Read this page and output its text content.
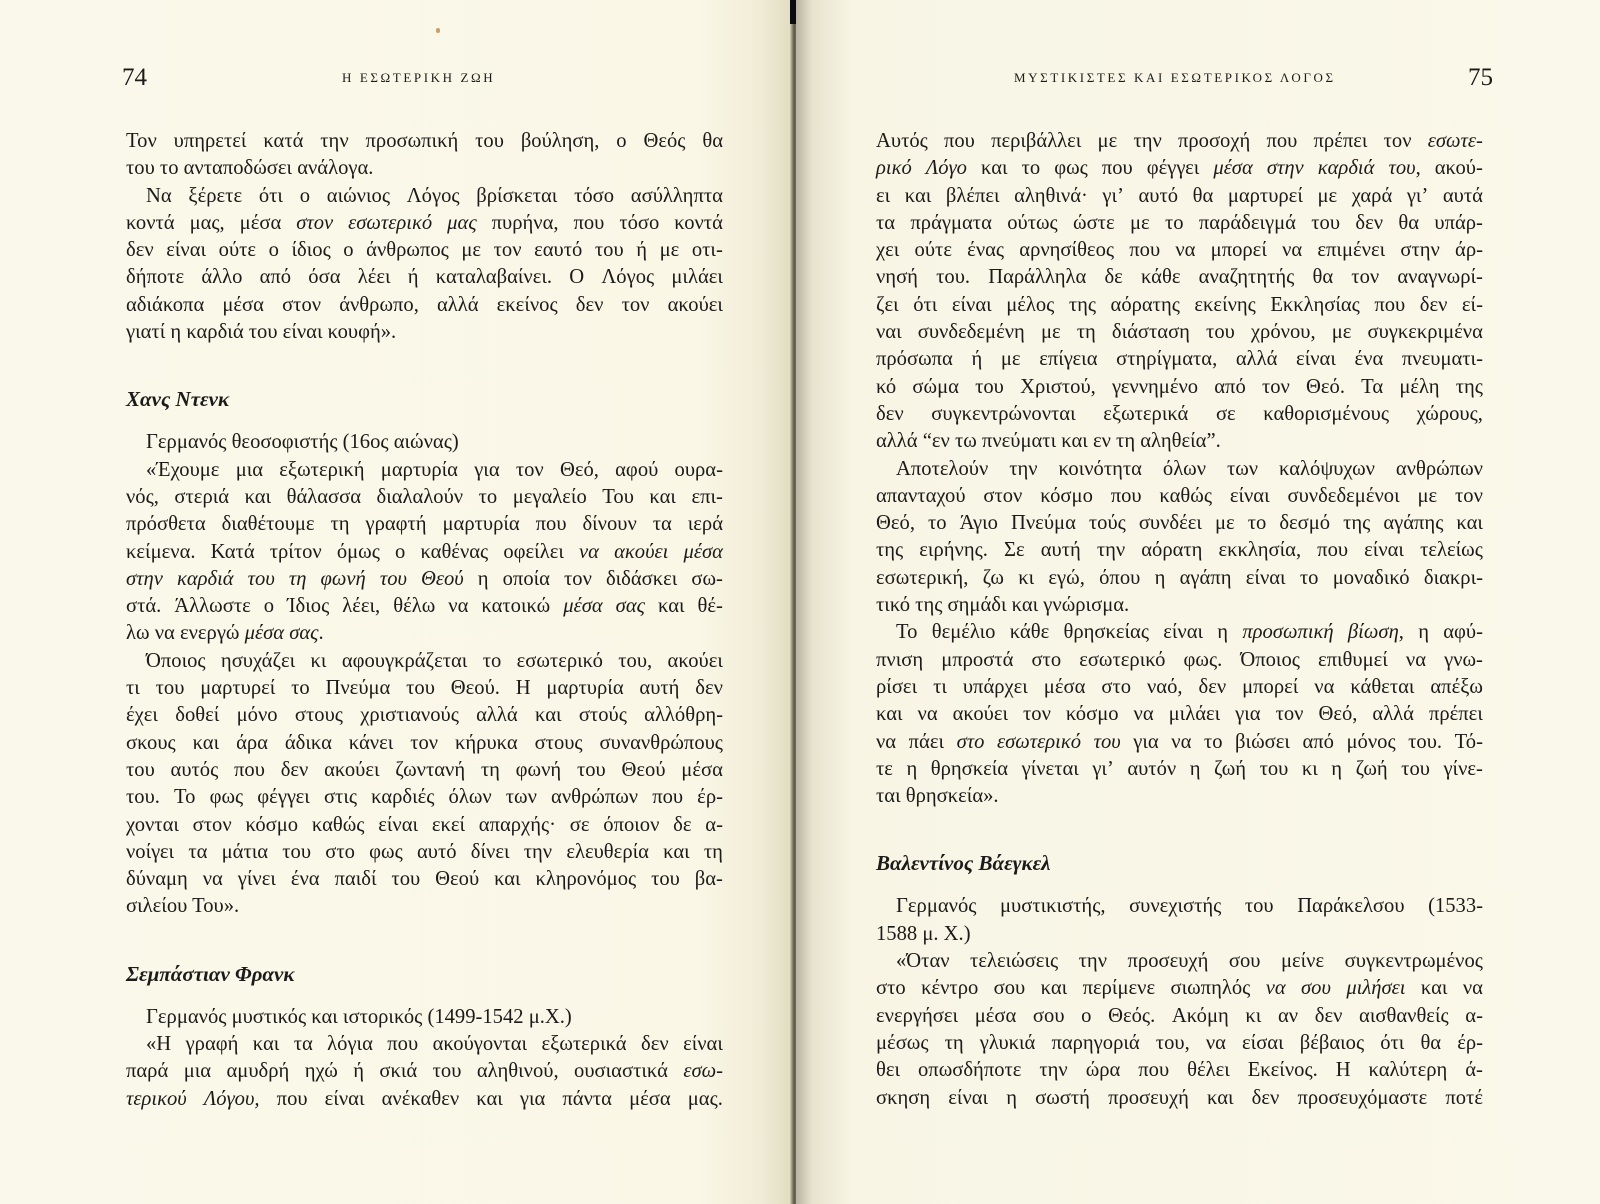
74	Η ΕΣΩΤΕΡΙΚΗ ΖΩΗ
Τον υπηρετεί κατά την προσωπική του βούληση, ο Θεός θα
του το ανταποδώσει ανάλογα.
Να ξέρετε ότι ο αιώνιος Λόγος βρίσκεται τόσο ασύλληπτα
κοντά μας, μέσα στον εσωτερικό μας πυρήνα, που τόσο κοντά
δεν είναι ούτε ο ίδιος ο άνθρωπος με τον εαυτό του ή με οτι-
δήποτε άλλο από όσα λέει ή καταλαβαίνει. Ο Λόγος μιλάει
αδιάκοπα μέσα στον άνθρωπο, αλλά εκείνος δεν τον ακούει
γιατί η καρδιά του είναι κουφή».
Χανς Ντενκ
Γερμανός θεοσοφιστής (16ος αιώνας)
«Έχουμε μια εξωτερική μαρτυρία για τον Θεό, αφού ουρα-
νός, στεριά και θάλασσα διαλαλούν το μεγαλείο Του και επι-
πρόσθετα διαθέτουμε τη γραφτή μαρτυρία που δίνουν τα ιερά
κείμενα. Κατά τρίτον όμως ο καθένας οφείλει να ακούει μέσα
στην καρδιά του τη φωνή του Θεού η οποία τον διδάσκει σω-
στά. Άλλωστε ο Ίδιος λέει, θέλω να κατοικώ μέσα σας και θέ-
λω να ενεργώ μέσα σας.
Όποιος ησυχάζει κι αφουγκράζεται το εσωτερικό του, ακούει
τι του μαρτυρεί το Πνεύμα του Θεού. Η μαρτυρία αυτή δεν
έχει δοθεί μόνο στους χριστιανούς αλλά και στούς αλλόθρη-
σκους και άρα άδικα κάνει τον κήρυκα στους συνανθρώπους
του αυτός που δεν ακούει ζωντανή τη φωνή του Θεού μέσα
του. Το φως φέγγει στις καρδιές όλων των ανθρώπων που έρ-
χονται στον κόσμο καθώς είναι εκεί απαρχής· σε όποιον δε α-
νοίγει τα μάτια του στο φως αυτό δίνει την ελευθερία και τη
δύναμη να γίνει ένα παιδί του Θεού και κληρονόμος του βα-
σιλείου Του».
Σεμπάστιαν Φρανκ
Γερμανός μυστικός και ιστορικός (1499-1542 μ.Χ.)
«Η γραφή και τα λόγια που ακούγονται εξωτερικά δεν είναι
παρά μια αμυδρή ηχώ ή σκιά του αληθινού, ουσιαστικά εσω-
τερικού Λόγου, που είναι ανέκαθεν και για πάντα μέσα μας.
ΜΥΣΤΙΚΙΣΤΕΣ ΚΑΙ ΕΣΩΤΕΡΙΚΟΣ ΛΟΓΟΣ	75
Αυτός που περιβάλλει με την προσοχή που πρέπει τον εσωτε-
ρικό Λόγο και το φως που φέγγει μέσα στην καρδιά του, ακού-
ει και βλέπει αληθινά· γι’ αυτό θα μαρτυρεί με χαρά γι’ αυτά
τα πράγματα ούτως ώστε με το παράδειγμά του δεν θα υπάρ-
χει ούτε ένας αρνησίθεος που να μπορεί να επιμένει στην άρ-
νησή του. Παράλληλα δε κάθε αναζητητής θα τον αναγνωρί-
ζει ότι είναι μέλος της αόρατης εκείνης Εκκλησίας που δεν εί-
ναι συνδεδεμένη με τη διάσταση του χρόνου, με συγκεκριμένα
πρόσωπα ή με επίγεια στηρίγματα, αλλά είναι ένα πνευματι-
κό σώμα του Χριστού, γεννημένο από τον Θεό. Τα μέλη της
δεν συγκεντρώνονται εξωτερικά σε καθορισμένους χώρους,
αλλά “εν τω πνεύματι και εν τη αληθεία”.
Αποτελούν την κοινότητα όλων των καλόψυχων ανθρώπων
απανταχού στον κόσμο που καθώς είναι συνδεδεμένοι με τον
Θεό, το Άγιο Πνεύμα τούς συνδέει με το δεσμό της αγάπης και
της ειρήνης. Σε αυτή την αόρατη εκκλησία, που είναι τελείως
εσωτερική, ζω κι εγώ, όπου η αγάπη είναι το μοναδικό διακρι-
τικό της σημάδι και γνώρισμα.
Το θεμέλιο κάθε θρησκείας είναι η προσωπική βίωση, η αφύ-
πνιση μπροστά στο εσωτερικό φως. Όποιος επιθυμεί να γνω-
ρίσει τι υπάρχει μέσα στο ναό, δεν μπορεί να κάθεται απέξω
και να ακούει τον κόσμο να μιλάει για τον Θεό, αλλά πρέπει
να πάει στο εσωτερικό του για να το βιώσει από μόνος του. Τό-
τε η θρησκεία γίνεται γι’ αυτόν η ζωή του κι η ζωή του γίνε-
ται θρησκεία».
Βαλεντίνος Βάεγκελ
Γερμανός μυστικιστής, συνεχιστής του Παράκελσου (1533-
1588 μ. Χ.)
«Όταν τελειώσεις την προσευχή σου μείνε συγκεντρωμένος
στο κέντρο σου και περίμενε σιωπηλός να σου μιλήσει και να
ενεργήσει μέσα σου ο Θεός. Ακόμη κι αν δεν αισθανθείς α-
μέσως τη γλυκιά παρηγοριά του, να είσαι βέβαιος ότι θα έρ-
θει οπωσδήποτε την ώρα που θέλει Εκείνος. Η καλύτερη ά-
σκηση είναι η σωστή προσευχή και δεν προσευχόμαστε ποτέ
